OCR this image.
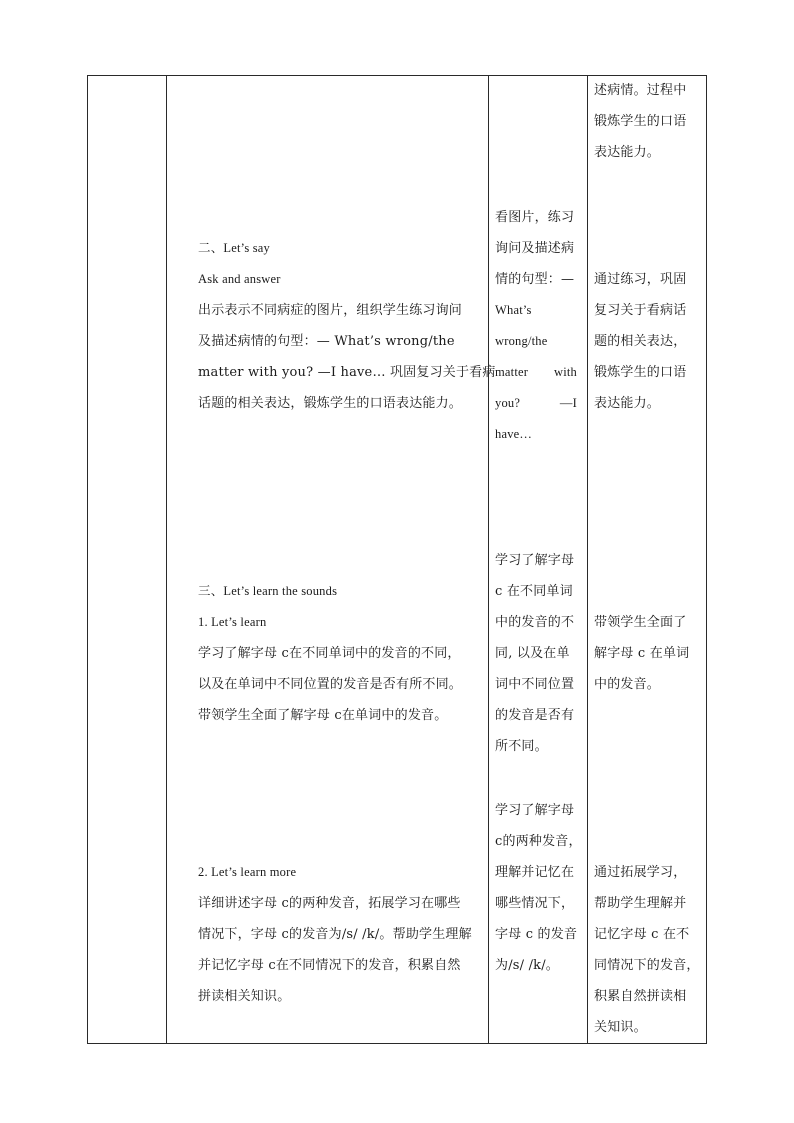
二、Let’s say
Ask and answer
出示表示不同病症的图片，组织学生练习询问
及描述病情的句型：— What’s wrong/the
matter with you? —I have… 巩固复习关于看病
话题的相关表达，锻炼学生的口语表达能力。
三、Let’s learn the sounds
1. Let’s learn
学习了解字母 c在不同单词中的发音的不同，
以及在单词中不同位置的发音是否有所不同。
带领学生全面了解字母 c在单词中的发音。
2. Let’s learn more
详细讲述字母 c的两种发音，拓展学习在哪些
情况下，字母 c的发音为/s/ /k/。帮助学生理解
并记忆字母 c在不同情况下的发音，积累自然
拼读相关知识。
看图片，练习
询问及描述病
情的句型：—
What’s
wrong/the
matter with
you?	—I
have…
学习了解字母
c 在不同单词
中的发音的不
同, 以及在单
词中不同位置
的发音是否有
所不同。
学习了解字母
c的两种发音，
理解并记忆在
哪些情况下，
字母 c 的发音
为/s/ /k/。
述病情。过程中
锻炼学生的口语
表达能力。
通过练习，巩固
复习关于看病话
题的相关表达，
锻炼学生的口语
表达能力。
带领学生全面了
解字母 c 在单词
中的发音。
通过拓展学习，
帮助学生理解并
记忆字母 c 在不
同情况下的发音，
积累自然拼读相
关知识。
